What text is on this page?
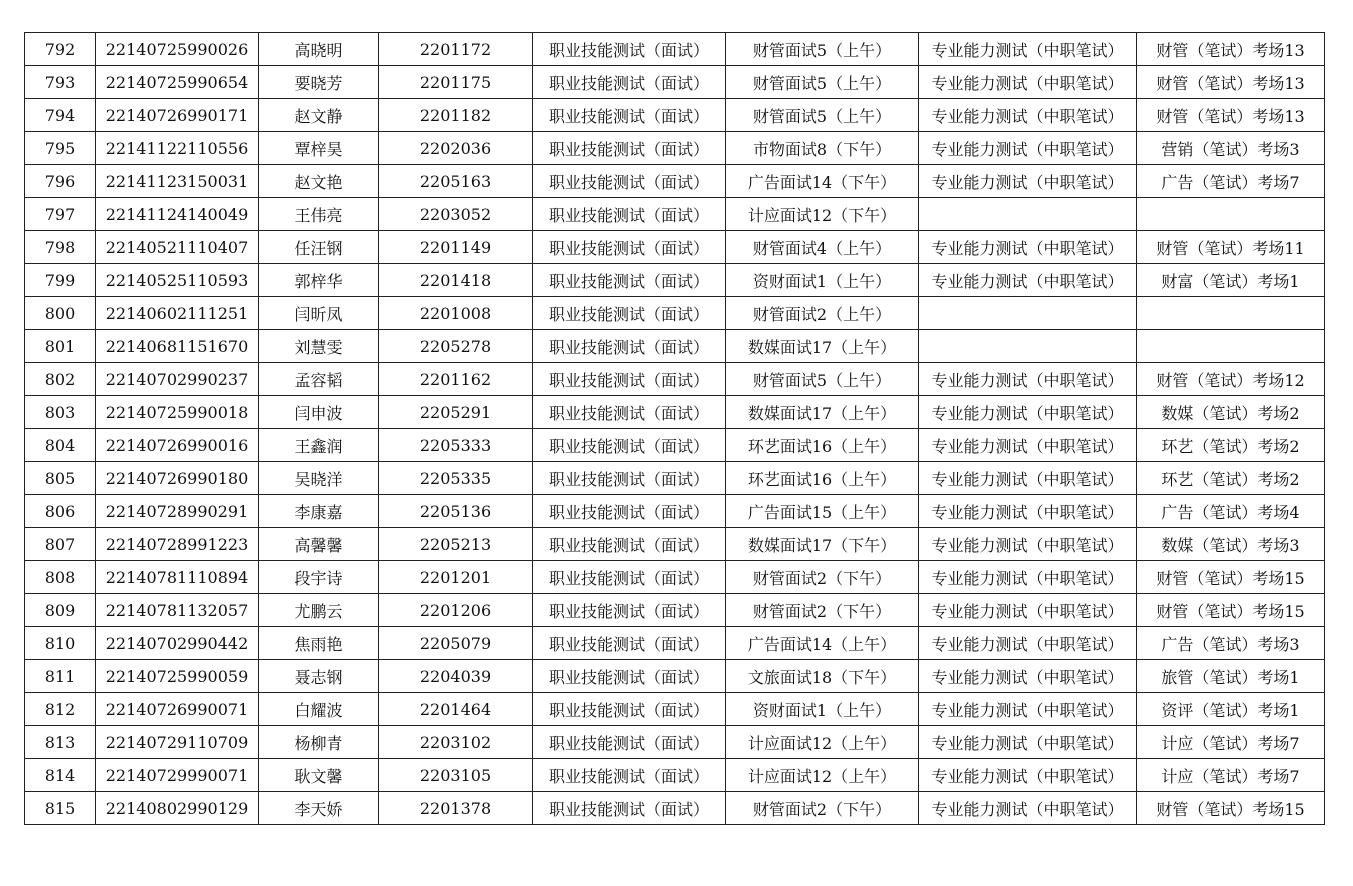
792	22140725990026	高晓明	2201172	职业技能测试（面试）	财管面试5（上午）	专业能力测试（中职笔试）	财管（笔试）考场13
793	22140725990654	要晓芳	2201175	职业技能测试（面试）	财管面试5（上午）	专业能力测试（中职笔试）	财管（笔试）考场13
794	22140726990171	赵文静	2201182	职业技能测试（面试）	财管面试5（上午）	专业能力测试（中职笔试）	财管（笔试）考场13
795	22141122110556	覃梓昊	2202036	职业技能测试（面试）	市物面试8（下午）	专业能力测试（中职笔试）	营销（笔试）考场3
796	22141123150031	赵文艳	2205163	职业技能测试（面试）	广告面试14（下午）	专业能力测试（中职笔试）	广告（笔试）考场7
797	22141124140049	王伟亮	2203052	职业技能测试（面试）	计应面试12（下午）		
798	22140521110407	任汪钢	2201149	职业技能测试（面试）	财管面试4（上午）	专业能力测试（中职笔试）	财管（笔试）考场11
799	22140525110593	郭梓华	2201418	职业技能测试（面试）	资财面试1（上午）	专业能力测试（中职笔试）	财富（笔试）考场1
800	22140602111251	闫昕凤	2201008	职业技能测试（面试）	财管面试2（上午）		
801	22140681151670	刘慧雯	2205278	职业技能测试（面试）	数媒面试17（上午）		
802	22140702990237	孟容韬	2201162	职业技能测试（面试）	财管面试5（上午）	专业能力测试（中职笔试）	财管（笔试）考场12
803	22140725990018	闫申波	2205291	职业技能测试（面试）	数媒面试17（上午）	专业能力测试（中职笔试）	数媒（笔试）考场2
804	22140726990016	王鑫润	2205333	职业技能测试（面试）	环艺面试16（上午）	专业能力测试（中职笔试）	环艺（笔试）考场2
805	22140726990180	吴晓洋	2205335	职业技能测试（面试）	环艺面试16（上午）	专业能力测试（中职笔试）	环艺（笔试）考场2
806	22140728990291	李康嘉	2205136	职业技能测试（面试）	广告面试15（上午）	专业能力测试（中职笔试）	广告（笔试）考场4
807	22140728991223	高馨馨	2205213	职业技能测试（面试）	数媒面试17（下午）	专业能力测试（中职笔试）	数媒（笔试）考场3
808	22140781110894	段宇诗	2201201	职业技能测试（面试）	财管面试2（下午）	专业能力测试（中职笔试）	财管（笔试）考场15
809	22140781132057	尤鹏云	2201206	职业技能测试（面试）	财管面试2（下午）	专业能力测试（中职笔试）	财管（笔试）考场15
810	22140702990442	焦雨艳	2205079	职业技能测试（面试）	广告面试14（上午）	专业能力测试（中职笔试）	广告（笔试）考场3
811	22140725990059	聂志钢	2204039	职业技能测试（面试）	文旅面试18（下午）	专业能力测试（中职笔试）	旅管（笔试）考场1
812	22140726990071	白耀波	2201464	职业技能测试（面试）	资财面试1（上午）	专业能力测试（中职笔试）	资评（笔试）考场1
813	22140729110709	杨柳青	2203102	职业技能测试（面试）	计应面试12（上午）	专业能力测试（中职笔试）	计应（笔试）考场7
814	22140729990071	耿文馨	2203105	职业技能测试（面试）	计应面试12（上午）	专业能力测试（中职笔试）	计应（笔试）考场7
815	22140802990129	李天娇	2201378	职业技能测试（面试）	财管面试2（下午）	专业能力测试（中职笔试）	财管（笔试）考场15
